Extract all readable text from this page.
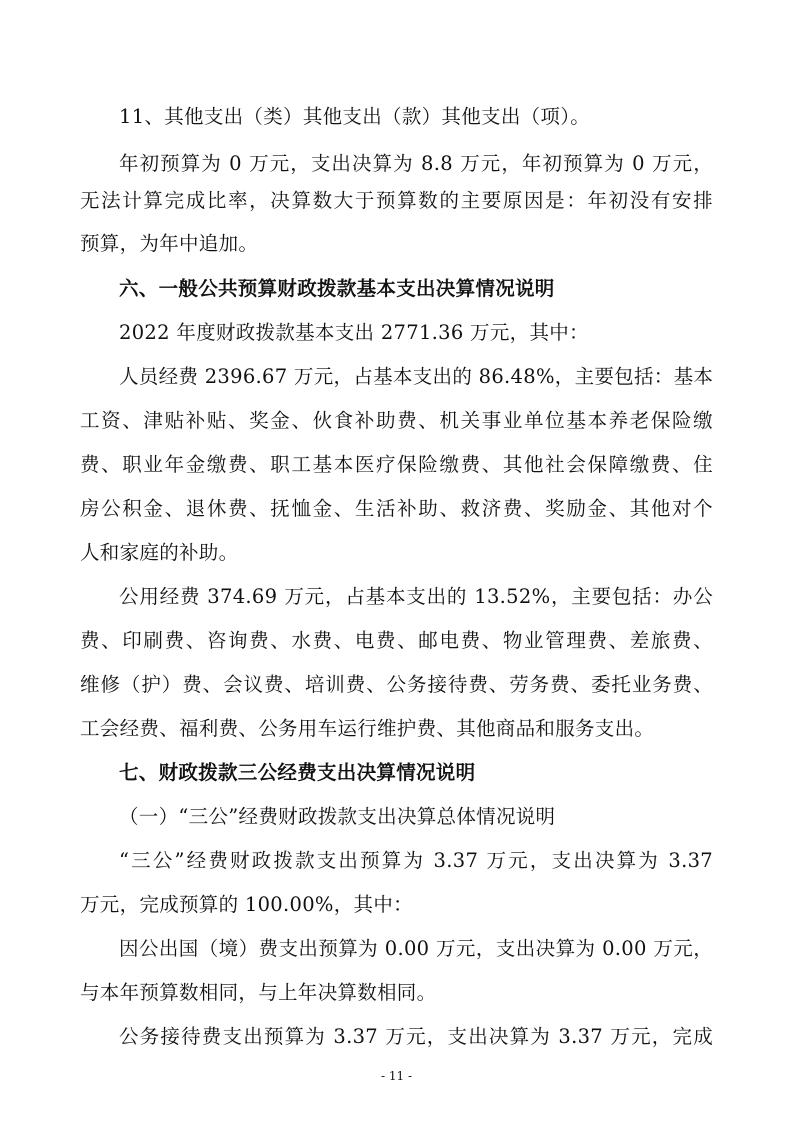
11、其他支出（类）其他支出（款）其他支出（项）。
年初预算为 0 万元，支出决算为 8.8 万元，年初预算为 0 万元，
无法计算完成比率，决算数大于预算数的主要原因是：年初没有安排
预算，为年中追加。
六、一般公共预算财政拨款基本支出决算情况说明
2022 年度财政拨款基本支出 2771.36 万元，其中：
人员经费 2396.67 万元，占基本支出的 86.48%，主要包括：基本
工资、津贴补贴、奖金、伙食补助费、机关事业单位基本养老保险缴
费、职业年金缴费、职工基本医疗保险缴费、其他社会保障缴费、住
房公积金、退休费、抚恤金、生活补助、救济费、奖励金、其他对个
人和家庭的补助。
公用经费 374.69 万元，占基本支出的 13.52%，主要包括：办公
费、印刷费、咨询费、水费、电费、邮电费、物业管理费、差旅费、
维修（护）费、会议费、培训费、公务接待费、劳务费、委托业务费、
工会经费、福利费、公务用车运行维护费、其他商品和服务支出。
七、财政拨款三公经费支出决算情况说明
（一）“三公”经费财政拨款支出决算总体情况说明
“三公”经费财政拨款支出预算为 3.37 万元，支出决算为 3.37
万元，完成预算的 100.00%，其中：
因公出国（境）费支出预算为 0.00 万元，支出决算为 0.00 万元，
与本年预算数相同，与上年决算数相同。
公务接待费支出预算为 3.37 万元，支出决算为 3.37 万元，完成
- 11 -
